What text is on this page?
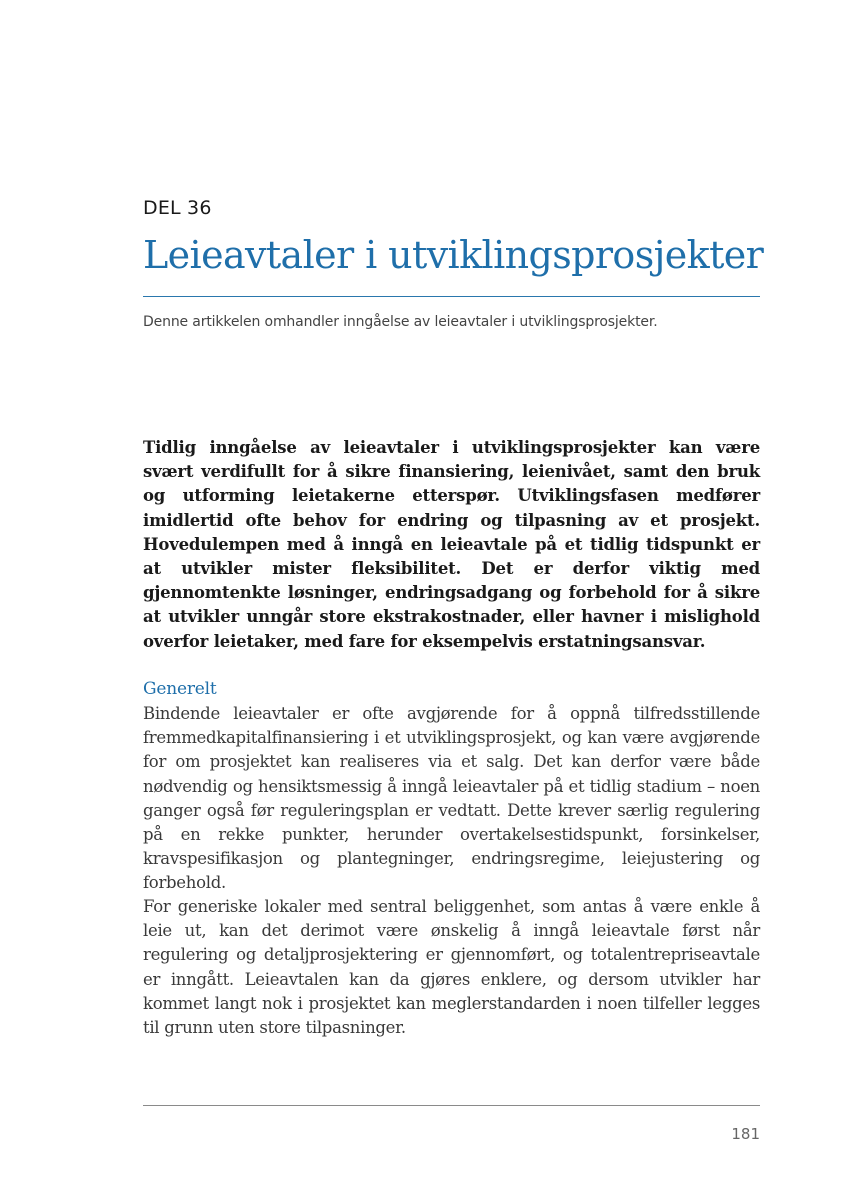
DEL 36
Leieavtaler i utviklingsprosjekter
Denne artikkelen omhandler inngåelse av leieavtaler i utviklingsprosjekter.

Tidlig inngåelse av leieavtaler i utviklingsprosjekter kan være svært verdifullt for å sikre finansiering, leienivået, samt den bruk og utforming leietakerne etterspør. Utviklingsfasen medfører imidlertid ofte behov for endring og tilpasning av et prosjekt. Hovedulempen med å inngå en leieavtale på et tidlig tidspunkt er at utvikler mister fleksibilitet. Det er derfor viktig med gjennomtenkte løsninger, endringsadgang og forbehold for å sikre at utvikler unngår store ekstrakostnader, eller havner i mislighold overfor leietaker, med fare for eksempelvis erstatningsansvar.

Generelt

Bindende leieavtaler er ofte avgjørende for å oppnå tilfredsstillende fremmedkapitalfinansiering i et utviklingsprosjekt, og kan være avgjørende for om prosjektet kan realiseres via et salg. Det kan derfor være både nødvendig og hensiktsmessig å inngå leieavtaler på et tidlig stadium – noen ganger også før reguleringsplan er vedtatt. Dette krever særlig regulering på en rekke punkter, herunder overtakelsestidspunkt, forsinkelser, kravspesifikasjon og plantegninger, endringsregime, leiejustering og forbehold.

For generiske lokaler med sentral beliggenhet, som antas å være enkle å leie ut, kan det derimot være ønskelig å inngå leieavtale først når regulering og detaljprosjektering er gjennomført, og totalentrepriseavtale er inngått. Leieavtalen kan da gjøres enklere, og dersom utvikler har kommet langt nok i prosjektet kan meglerstandarden i noen tilfeller legges til grunn uten store tilpasninger.

181
